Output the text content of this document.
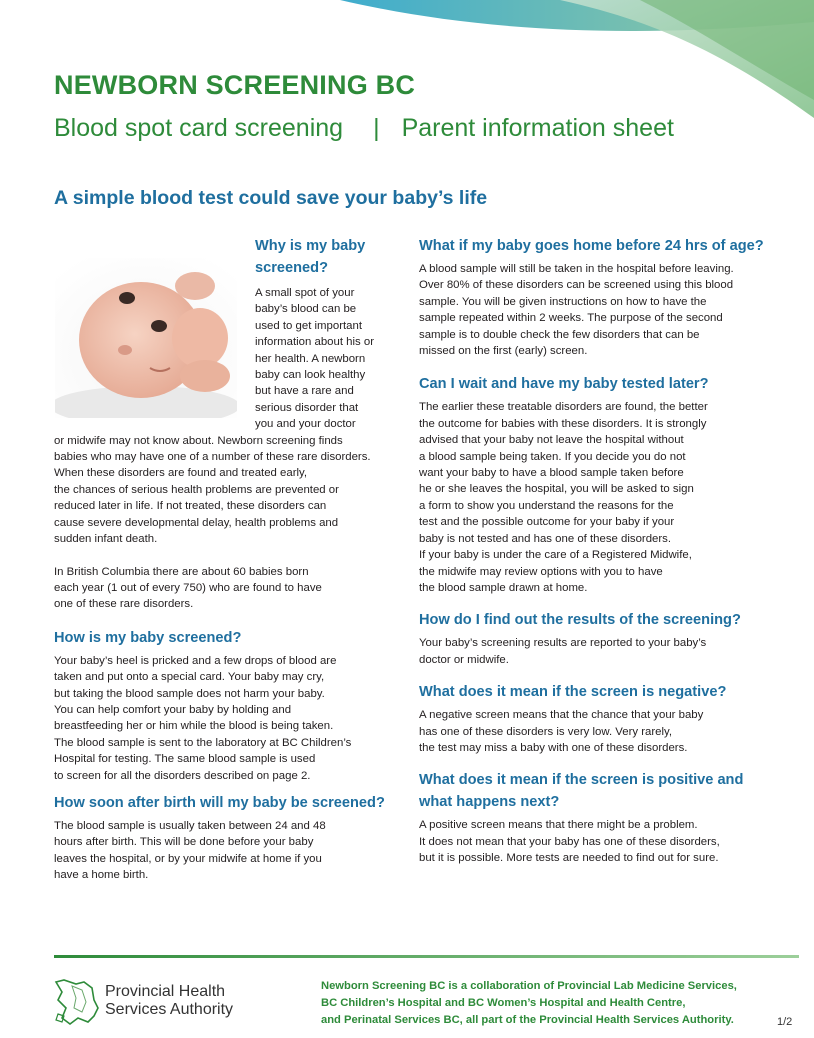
NEWBORN SCREENING BC
Blood spot card screening | Parent information sheet
A simple blood test could save your baby’s life

Why is my baby

screened?

A small spot of your
baby’s blood can be
used to get important
information about his or
her health. A newborn
baby can look healthy
but have a rare and
serious disorder that
you and your doctor

or midwife may not know about. Newborn screening finds
babies who may have one of a number of these rare disorders.
When these disorders are found and treated early,
the chances of serious health problems are prevented or
reduced later in life. If not treated, these disorders can
cause severe developmental delay, health problems and
sudden infant death.

In British Columbia there are about 60 babies born
each year (1 out of every 750) who are found to have
one of these rare disorders.

How is my baby screened?

Your baby’s heel is pricked and a few drops of blood are
taken and put onto a special card. Your baby may cry,
but taking the blood sample does not harm your baby.
You can help comfort your baby by holding and
breastfeeding her or him while the blood is being taken.
The blood sample is sent to the laboratory at BC Children’s
Hospital for testing. The same blood sample is used
to screen for all the disorders described on page 2.

How soon after birth will my baby be screened?

The blood sample is usually taken between 24 and 48
hours after birth. This will be done before your baby
leaves the hospital, or by your midwife at home if you
have a home birth.

What if my baby goes home before 24 hrs of age?

A blood sample will still be taken in the hospital before leaving.
Over 80% of these disorders can be screened using this blood
sample. You will be given instructions on how to have the
sample repeated within 2 weeks. The purpose of the second
sample is to double check the few disorders that can be
missed on the first (early) screen.

Can I wait and have my baby tested later?

The earlier these treatable disorders are found, the better
the outcome for babies with these disorders. It is strongly
advised that your baby not leave the hospital without
a blood sample being taken. If you decide you do not
want your baby to have a blood sample taken before
he or she leaves the hospital, you will be asked to sign
a form to show you understand the reasons for the
test and the possible outcome for your baby if your
baby is not tested and has one of these disorders.
If your baby is under the care of a Registered Midwife,
the midwife may review options with you to have
the blood sample drawn at home.

How do I find out the results of the screening?

Your baby’s screening results are reported to your baby’s
doctor or midwife.

What does it mean if the screen is negative?

A negative screen means that the chance that your baby
has one of these disorders is very low. Very rarely,
the test may miss a baby with one of these disorders.

What does it mean if the screen is positive and

what happens next?

A positive screen means that there might be a problem.
It does not mean that your baby has one of these disorders,
but it is possible. More tests are needed to find out for sure.

Provincial Health
Services Authority
Newborn Screening BC is a collaboration of Provincial Lab Medicine Services,
BC Children’s Hospital and BC Women’s Hospital and Health Centre,
and Perinatal Services BC, all part of the Provincial Health Services Authority.	1/2
